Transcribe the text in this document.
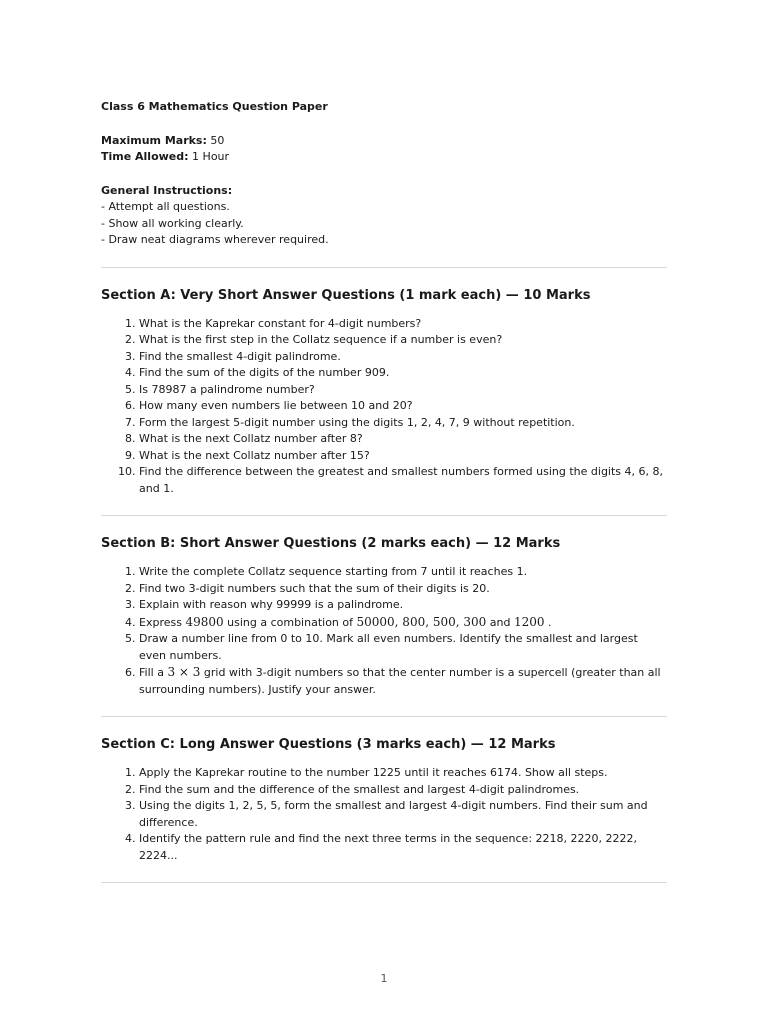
Class 6 Mathematics Question Paper

Maximum Marks: 50

Time Allowed: 1 Hour

General Instructions:

- Attempt all questions.

- Show all working clearly.

- Draw neat diagrams wherever required.

Section A: Very Short Answer Questions (1 mark each) — 10 Marks
1. What is the Kaprekar constant for 4-digit numbers?
2. What is the first step in the Collatz sequence if a number is even?
3. Find the smallest 4-digit palindrome.
4. Find the sum of the digits of the number 909.
5. Is 78987 a palindrome number?
6. How many even numbers lie between 10 and 20?
7. Form the largest 5-digit number using the digits 1, 2, 4, 7, 9 without repetition.
8. What is the next Collatz number after 8?
9. What is the next Collatz number after 15?
10. Find the difference between the greatest and smallest numbers formed using the digits 4, 6, 8, and 1.
Section B: Short Answer Questions (2 marks each) — 12 Marks
1. Write the complete Collatz sequence starting from 7 until it reaches 1.
2. Find two 3-digit numbers such that the sum of their digits is 20.
3. Explain with reason why 99999 is a palindrome.
4. Express 49800 using a combination of 50000, 800, 500, 300 and 1200 .
5. Draw a number line from 0 to 10. Mark all even numbers. Identify the smallest and largest even numbers.
6. Fill a 3 × 3 grid with 3-digit numbers so that the center number is a supercell (greater than all surrounding numbers). Justify your answer.
Section C: Long Answer Questions (3 marks each) — 12 Marks
1. Apply the Kaprekar routine to the number 1225 until it reaches 6174. Show all steps.
2. Find the sum and the difference of the smallest and largest 4-digit palindromes.
3. Using the digits 1, 2, 5, 5, form the smallest and largest 4-digit numbers. Find their sum and difference.
4. Identify the pattern rule and find the next three terms in the sequence: 2218, 2220, 2222, 2224...
1
